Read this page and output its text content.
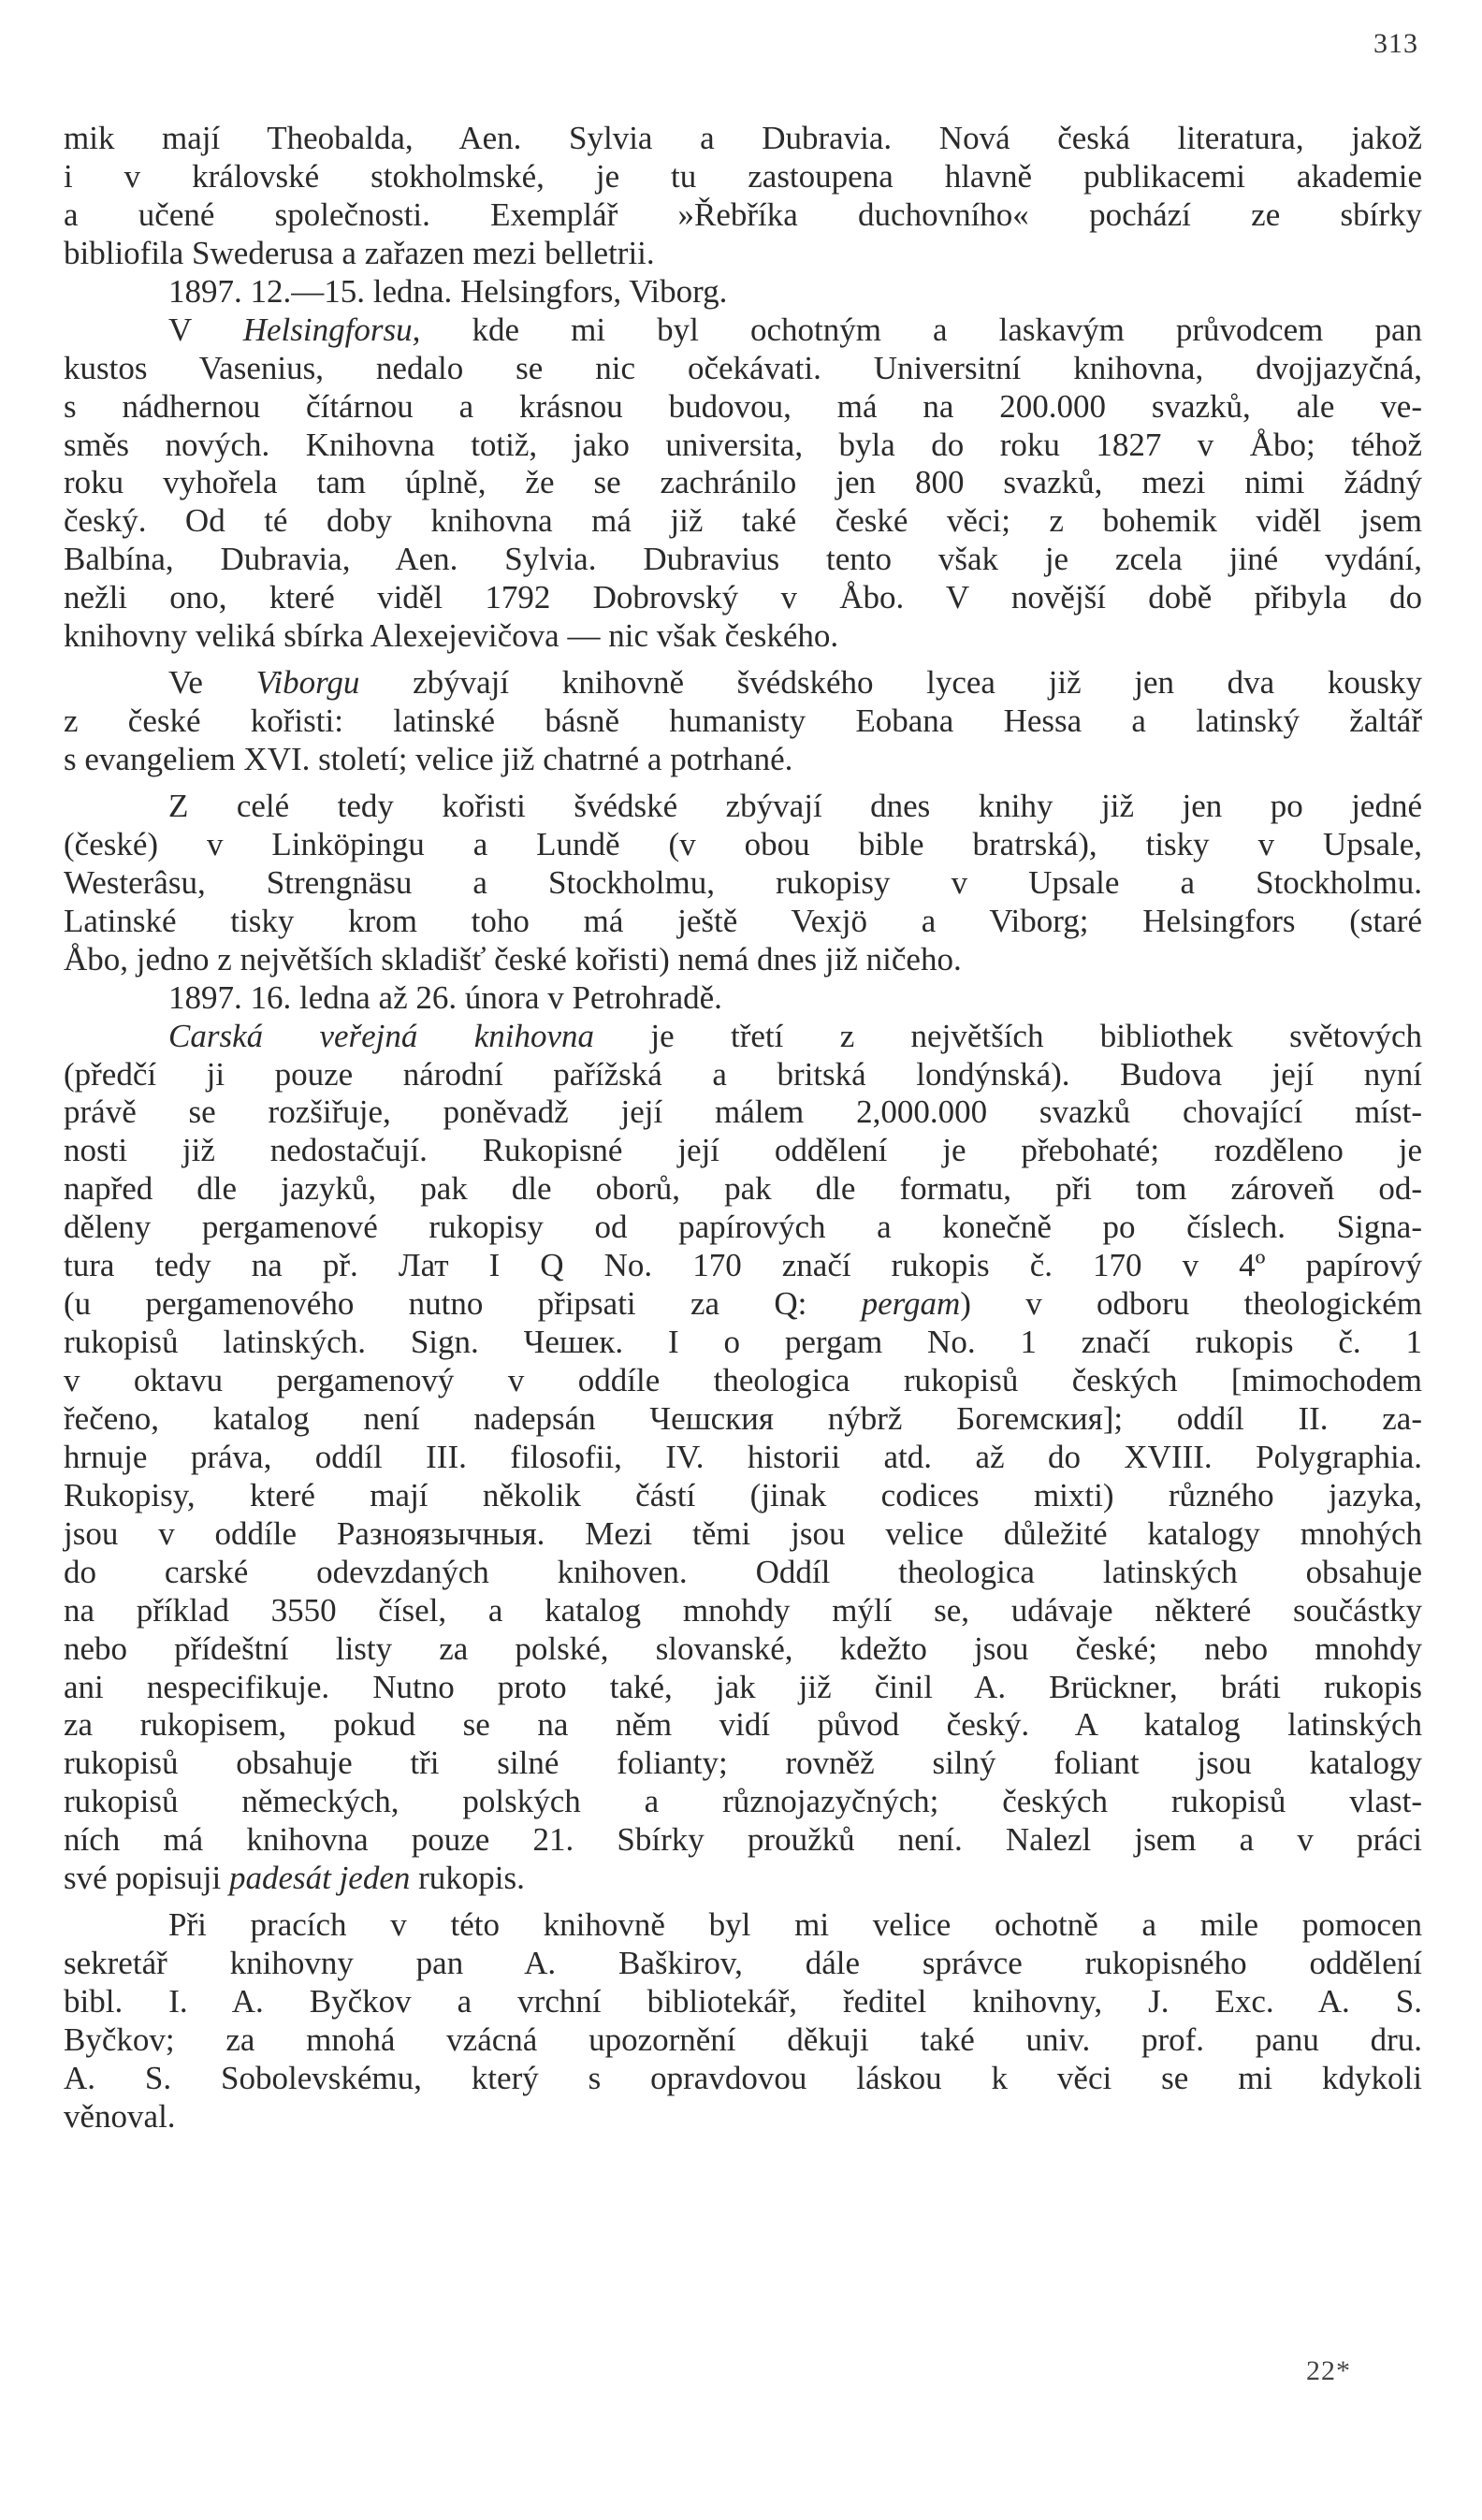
313
mik mají Theobalda, Aen. Sylvia a Dubravia. Nová česká literatura, jakož
i v královské stokholmské, je tu zastoupena hlavně publikacemi akademie
a učené společnosti. Exemplář »Řebříka duchovního« pochází ze sbírky
bibliofila Swederusa a zařazen mezi belletrii.
1897. 12.—15. ledna. Helsingfors, Viborg.
V Helsingforsu, kde mi byl ochotným a laskavým průvodcem pan
kustos Vasenius, nedalo se nic očekávati. Universitní knihovna, dvojjazyčná,
s nádhernou čítárnou a krásnou budovou, má na 200.000 svazků, ale ve-
směs nových. Knihovna totiž, jako universita, byla do roku 1827 v Åbo; téhož
roku vyhořela tam úplně, že se zachránilo jen 800 svazků, mezi nimi žádný
český. Od té doby knihovna má již také české věci; z bohemik viděl jsem
Balbína, Dubravia, Aen. Sylvia. Dubravius tento však je zcela jiné vydání,
nežli ono, které viděl 1792 Dobrovský v Åbo. V novější době přibyla do
knihovny veliká sbírka Alexejevičova — nic však českého.
Ve Viborgu zbývají knihovně švédského lycea již jen dva kousky
z české kořisti: latinské básně humanisty Eobana Hessa a latinský žaltář
s evangeliem XVI. století; velice již chatrné a potrhané.
Z celé tedy kořisti švédské zbývají dnes knihy již jen po jedné
(české) v Linköpingu a Lundě (v obou bible bratrská), tisky v Upsale,
Westerâsu, Strengnäsu a Stockholmu, rukopisy v Upsale a Stockholmu.
Latinské tisky krom toho má ještě Vexjö a Viborg; Helsingfors (staré
Åbo, jedno z největších skladišť české kořisti) nemá dnes již ničeho.
1897. 16. ledna až 26. února v Petrohradě.
Carská veřejná knihovna je třetí z největších bibliothek světových
(předčí ji pouze národní pařížská a britská londýnská). Budova její nyní
právě se rozšiřuje, poněvadž její málem 2,000.000 svazků chovající míst-
nosti již nedostačují. Rukopisné její oddělení je přebohaté; rozděleno je
napřed dle jazyků, pak dle oborů, pak dle formatu, při tom zároveň od-
děleny pergamenové rukopisy od papírových a konečně po číslech. Signa-
tura tedy na př. Лат I Q No. 170 značí rukopis č. 170 v 4º papírový
(u pergamenového nutno připsati za Q: pergam) v odboru theologickém
rukopisů latinských. Sign. Чешек. I o pergam No. 1 značí rukopis č. 1
v oktavu pergamenový v oddíle theologica rukopisů českých [mimochodem
řečeno, katalog není nadepsán Чешския nýbrž Богемския]; oddíl II. za-
hrnuje práva, oddíl III. filosofii, IV. historii atd. až do XVIII. Polygraphia.
Rukopisy, které mají několik částí (jinak codices mixti) různého jazyka,
jsou v oddíle Разноязычныя. Mezi těmi jsou velice důležité katalogy mnohých
do carské odevzdaných knihoven. Oddíl theologica latinských obsahuje
na příklad 3550 čísel, a katalog mnohdy mýlí se, udávaje některé součástky
nebo přídeštní listy za polské, slovanské, kdežto jsou české; nebo mnohdy
ani nespecifikuje. Nutno proto také, jak již činil A. Brückner, bráti rukopis
za rukopisem, pokud se na něm vidí původ český. A katalog latinských
rukopisů obsahuje tři silné folianty; rovněž silný foliant jsou katalogy
rukopisů německých, polských a různojazyčných; českých rukopisů vlast-
ních má knihovna pouze 21. Sbírky proužků není. Nalezl jsem a v práci
své popisuji padesát jeden rukopis.
Při pracích v této knihovně byl mi velice ochotně a mile pomocen
sekretář knihovny pan A. Baškirov, dále správce rukopisného oddělení
bibl. I. A. Byčkov a vrchní bibliotekář, ředitel knihovny, J. Exc. A. S.
Byčkov; za mnohá vzácná upozornění děkuji také univ. prof. panu dru.
A. S. Sobolevskému, který s opravdovou láskou k věci se mi kdykoli
věnoval.
22*
